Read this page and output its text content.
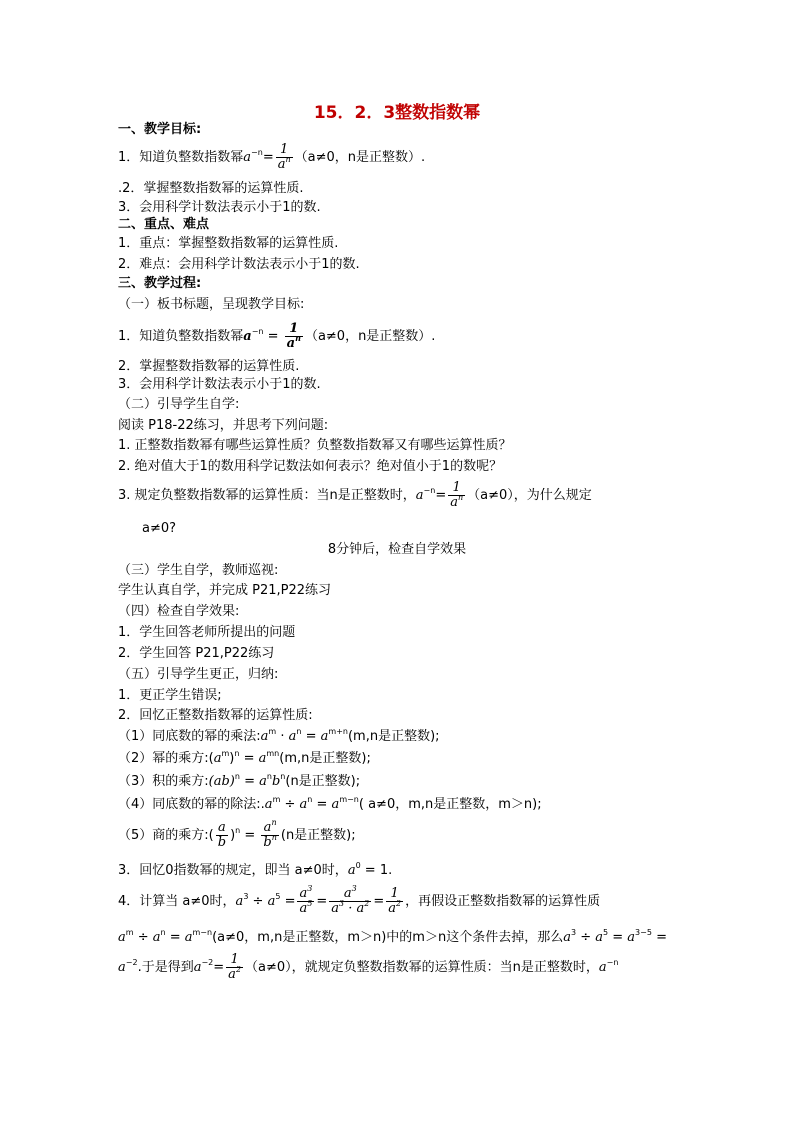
15．2．3整数指数幂
一、教学目标:
1．知道负整数指数幂$a^{-n}= \frac{1}{a^n} (a\ne 0$，n是正整数）.
.2．掌握整数指数幂的运算性质.
3．会用科学计数法表示小于1的数.
二、重点、难点
1．重点：掌握整数指数幂的运算性质.
2．难点：会用科学计数法表示小于1的数.
三、教学过程:
（一）板书标题，呈现教学目标:
1．知道负整数指数幂$a^{-n} = \frac{1}{a^n} (a\ne 0$，n是正整数）.
2．掌握整数指数幂的运算性质.
3．会用科学计数法表示小于1的数.
（二）引导学生自学:
阅读 P18-22练习，并思考下列问题:
1. 正整数指数幂有哪些运算性质？负整数指数幂又有哪些运算性质？
2. 绝对值大于1的数用科学记数法如何表示？绝对值小于1的数呢？
3. 规定负整数指数幂的运算性质：当n是正整数时，$a^{-n}= \frac{1}{a^n} (a\ne 0)$，为什么规定
a≠0?
8分钟后，检查自学效果
（三）学生自学，教师巡视:
学生认真自学，并完成 P21,P22练习
（四）检查自学效果:
1．学生回答老师所提出的问题
2．学生回答 P21,P22练习
（五）引导学生更正，归纳:
1．更正学生错误;
2．回忆正整数指数幂的运算性质:
（1）同底数的幂的乘法$:a^m \cdot a^n = a^{m+n}(m,n$是正整数);
（2）幂的乘方$:(a^m)^n = a^{mn}(m,n$是正整数);
（3）积的乘方:(ab)$^n$ = $a^nb^n(n$是正整数);
（4）同底数的幂的除法$:.a^m \div a^n = a^{m-n}$( a≠0，m,n是正整数，m＞n);
（5）商的乘方:( $\frac{a}{b} )^n = \frac{a^n}{b^n} (n$是正整数);
3．回忆0指数幂的规定，即当 a≠0时，$a^0 = 1$.
4．计算当 a≠0时，$a^3 \div a^5 = \frac{a^3}{a^5} = \frac{a^3}{a^3 \cdot a^2} = \frac{1}{a^2}$ ，再假设正整数指数幂的运算性质
$a^m \div a^n = a^{m-n}(a\ne 0$，m,n是正整数，m＞n)中的m＞n这个条件去掉，那么$a^3 \div a^5 = a^{3-5}$ =
$a^{-2}$.于是得到$a^{-2}= \frac{1}{a^2} (a\ne 0)$，就规定负整数指数幂的运算性质：当n是正整数时，$a^{-n}$
